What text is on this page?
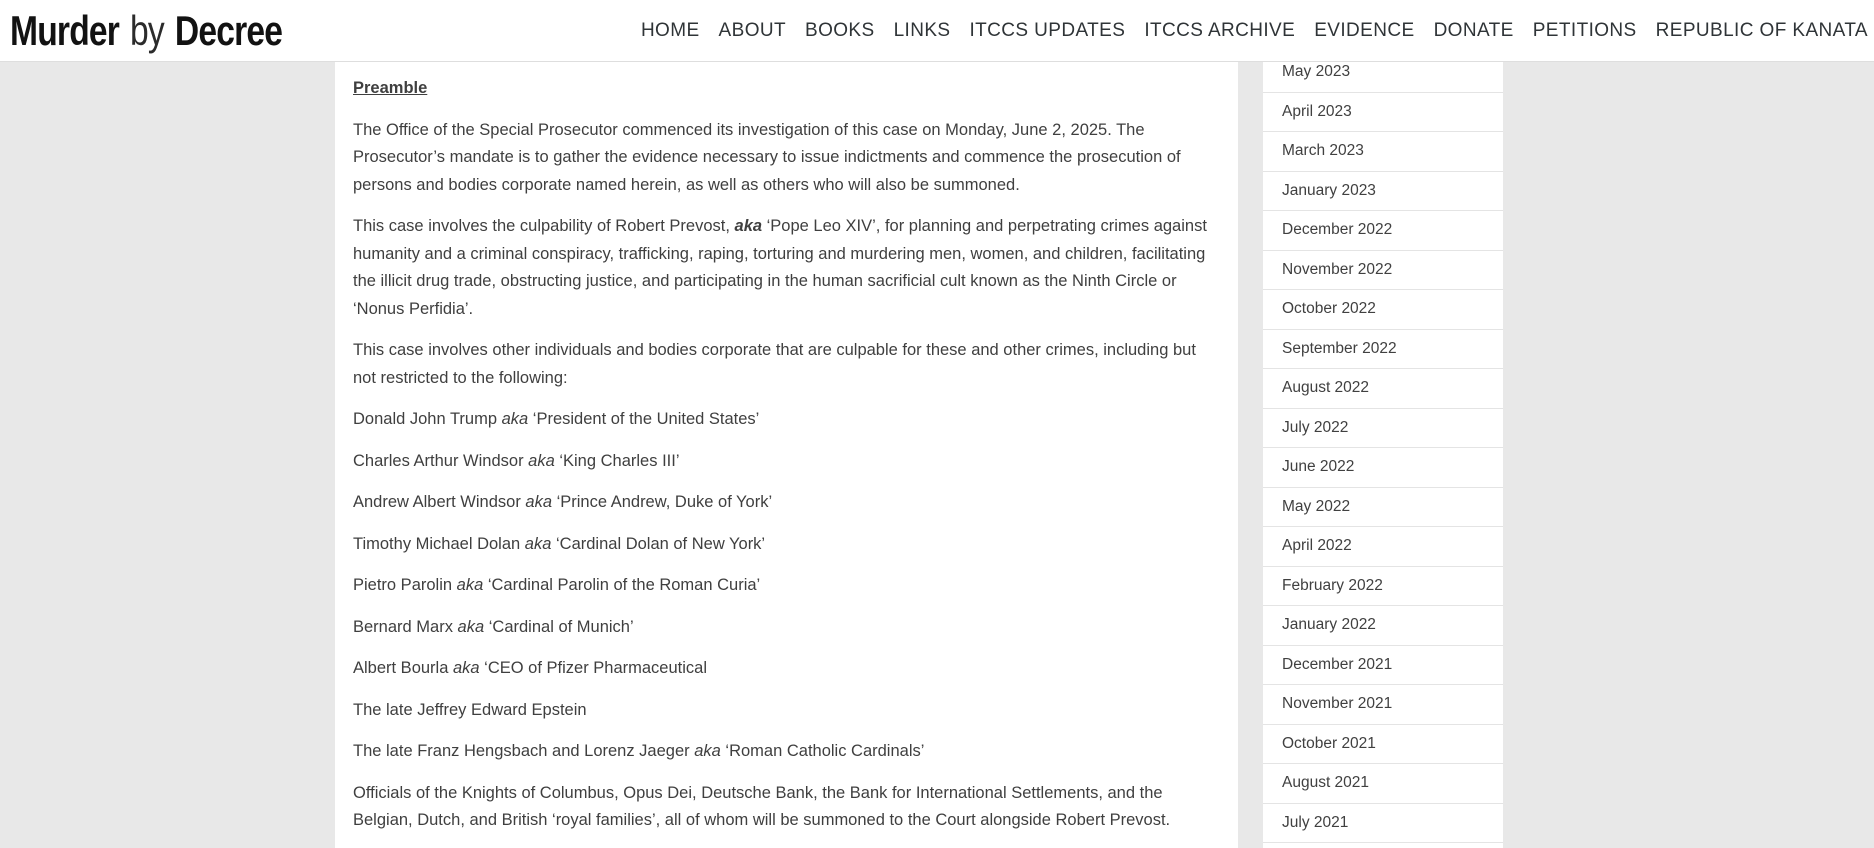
Murder by Decree	HOME ABOUT BOOKS LINKS ITCCS UPDATES ITCCS ARCHIVE EVIDENCE DONATE PETITIONS REPUBLIC OF KANATA

Preamble

The Office of the Special Prosecutor commenced its investigation of this case on Monday, June 2, 2025. The Prosecutor’s mandate is to gather the evidence necessary to issue indictments and commence the prosecution of persons and bodies corporate named herein, as well as others who will also be summoned.

This case involves the culpability of Robert Prevost, aka ‘Pope Leo XIV’, for planning and perpetrating crimes against humanity and a criminal conspiracy, trafficking, raping, torturing and murdering men, women, and children, facilitating the illicit drug trade, obstructing justice, and participating in the human sacrificial cult known as the Ninth Circle or ‘Nonus Perfidia’.

This case involves other individuals and bodies corporate that are culpable for these and other crimes, including but not restricted to the following:

Donald John Trump aka ‘President of the United States’

Charles Arthur Windsor aka ‘King Charles III’

Andrew Albert Windsor aka ‘Prince Andrew, Duke of York’

Timothy Michael Dolan aka ‘Cardinal Dolan of New York’

Pietro Parolin aka ‘Cardinal Parolin of the Roman Curia’

Bernard Marx aka ‘Cardinal of Munich’

Albert Bourla aka ‘CEO of Pfizer Pharmaceutical

The late Jeffrey Edward Epstein

The late Franz Hengsbach and Lorenz Jaeger aka ‘Roman Catholic Cardinals’

Officials of the Knights of Columbus, Opus Dei, Deutsche Bank, the Bank for International Settlements, and the Belgian, Dutch, and British ‘royal families’, all of whom will be summoned to the Court alongside Robert Prevost.

May 2023
April 2023
March 2023
January 2023
December 2022
November 2022
October 2022
September 2022
August 2022
July 2022
June 2022
May 2022
April 2022
February 2022
January 2022
December 2021
November 2021
October 2021
August 2021
July 2021
